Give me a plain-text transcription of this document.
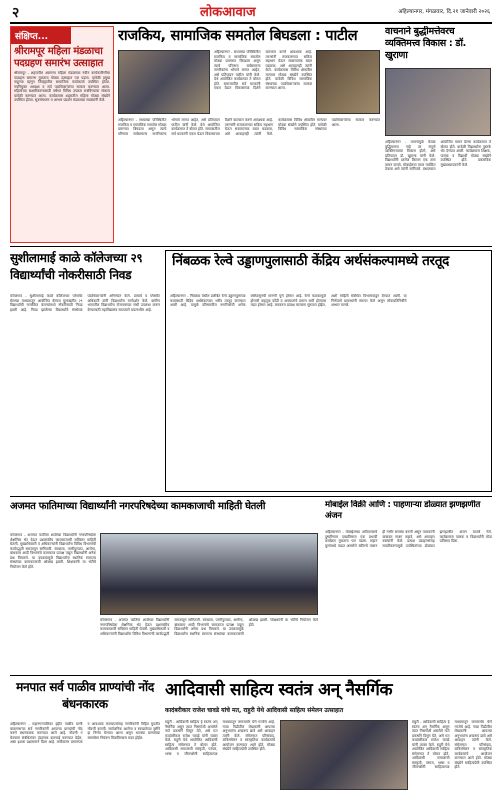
२	लोकआवाज	अहिल्यानगर, मंगळवार, दि.२१ जानेवारी २०२६
संक्षिप्त...
श्रीरामपूर महिला मंडळाचा पदग्रहण समारंभ उत्साहात
श्रीरामपूर - शहरातील अग्रगण्य महिला मंडळाच्या नवीन कार्यकारिणीचा पदग्रहण समारंभ नुकताच मोठ्या उत्साहात पार पडला. यावेळी प्रमुख पाहुण्या म्हणून जिल्ह्यातील सामाजिक कार्यकर्त्या उपस्थित होत्या. नवनियुक्त अध्यक्षा व सर्व पदाधिकाऱ्यांचा सत्कार करण्यात आला. महिलांच्या सक्षमीकरणासाठी वर्षभर विविध उपक्रम राबविण्याचा संकल्प यावेळी करण्यात आला. कार्यक्रमास शहरातील महिला मोठ्या संख्येने उपस्थित होत्या. सूत्रसंचालन व आभार प्रदर्शन मंडळाच्या सदस्यांनी केले.
राजकिय, सामाजिक समतोल बिघडला : पाटील
अहिल्यानगर - सध्याच्या परिस्थितीत राजकिय व सामाजिक समतोल मोठ्या प्रमाणात बिघडला असून त्याचे परिणाम सर्वसामान्य नागरिकांना भोगावे लागत आहेत, असे प्रतिपादन पाटील यांनी केले. येथे आयोजित कार्यक्रमात ते बोलत होते. समाजातील सर्व घटकांनी एकत्र येऊन विकासाच्या दिशेने वाटचाल करणे आवश्यक आहे. तरुणांनी राजकारणात सक्रिय सहभाग घेऊन सकारात्मक बदल घडवावा, असे आवाहनही त्यांनी केले. कार्यक्रमास विविध क्षेत्रातील मान्यवर मोठ्या संख्येने उपस्थित होते. यावेळी विविध सामाजिक संस्थांच्या पदाधिकाऱ्यांचा सत्कार करण्यात आला.
अहिल्यानगर - सध्याच्या परिस्थितीत राजकिय व सामाजिक समतोल मोठ्या प्रमाणात बिघडला असून त्याचे परिणाम सर्वसामान्य नागरिकांना भोगावे लागत आहेत, असे प्रतिपादन पाटील यांनी केले. येथे आयोजित कार्यक्रमात ते बोलत होते. समाजातील सर्व घटकांनी एकत्र येऊन विकासाच्या दिशेने वाटचाल करणे आवश्यक आहे. तरुणांनी राजकारणात सक्रिय सहभाग घेऊन सकारात्मक बदल घडवावा, असे आवाहनही त्यांनी केले. कार्यक्रमास विविध क्षेत्रातील मान्यवर मोठ्या संख्येने उपस्थित होते. यावेळी विविध सामाजिक संस्थांच्या पदाधिकाऱ्यांचा सत्कार करण्यात आला.
वाचनाने बुद्धीमत्तेवरच व्यक्तिमत्त्व विकास : डॉ. खुराणा
अहिल्यानगर - वाचनामुळे केवळ बुद्धिमत्ताच नव्हे तर संपूर्ण व्यक्तिमत्त्वाचा विकास होतो, असे प्रतिपादन डॉ. खुराणा यांनी केले. विद्यार्थ्यांनी दररोज किमान एक तास वाचन करावे, मोबाईलचा वापर मर्यादित ठेवावा असे त्यांनी सांगितले. ग्रंथालयात आयोजित वाचन प्रेरणा कार्यक्रमात ते बोलत होते. यावेळी विद्यार्थ्यांना पुस्तके भेट देण्यात आली. कार्यक्रमास शिक्षक, पालक व विद्यार्थी मोठ्या संख्येने उपस्थित होते. प्रास्ताविक मुख्याध्यापकांनी केले.
सुशीलामाई काळे कॉलेजच्या २९ विद्यार्थ्यांची नोकरीसाठी निवड
कोपरगाव - सुशीलामाई काळे कॉलेजच्या प्लेसमेंट सेलच्या माध्यमातून आयोजित कॅम्पस मुलाखतीत २९ विद्यार्थ्यांची नामांकित कंपन्यांमध्ये नोकरीसाठी निवड झाली आहे. निवड झालेल्या विद्यार्थ्यांचे संस्थेच्या पदाधिकाऱ्यांनी अभिनंदन केले. प्राचार्य व प्लेसमेंट अधिकारी यांनी विद्यार्थ्यांना मार्गदर्शन केले. ग्रामीण भागातील विद्यार्थ्यांना रोजगाराच्या संधी उपलब्ध करून देण्यासाठी महाविद्यालय सातत्याने प्रयत्नशील आहे.
निंबळक रेल्वे उड्डाणपुलासाठी केंद्रिय अर्थसंकल्पामध्ये तरतूद
अहिल्यानगर - निंबळक येथील प्रलंबित रेल्वे उड्डाणपुलाच्या कामासाठी केंद्रिय अर्थसंकल्पात भरीव तरतूद करण्यात आली आहे. यामुळे परिसरातील नागरिकांची अनेक वर्षांपासूनची मागणी पूर्ण होणार आहे. रेल्वे फाटकामुळे होणारी वाहतूक कोंडी व अपघातांचे प्रमाण कमी होण्यास मदत होणार आहे. लवकरच प्रत्यक्ष कामाला सुरुवात होईल, अशी माहिती संबंधित विभागाकडून देण्यात आली. या निर्णयाचे ग्रामस्थांनी स्वागत केले असून लोकप्रतिनिधींचे आभार मानले.
अजमत फातिमाच्या विद्यार्थ्यांनी नगरपरिषदेच्या कामकाजाची माहिती घेतली
कोपरगाव - अजमत फातिमा शाळेच्या विद्यार्थ्यांनी नगरपरिषदेला शैक्षणिक भेट देऊन प्रशासकीय कामकाजाची सविस्तर माहिती घेतली. मुख्याधिकारी व अधिकाऱ्यांनी विद्यार्थ्यांना विविध विभागांची कार्यपद्धती समजावून सांगितली. स्वच्छता, पाणीपुरवठा, आरोग्य, बांधकाम आदी विभागांचे कामकाज प्रत्यक्ष पाहून विद्यार्थ्यांनी अनेक प्रश्न विचारले. या उपक्रमामुळे विद्यार्थ्यांना स्थानिक स्वराज्य संस्थांच्या कामकाजाची ओळख झाली. शिक्षकांनी या भेटीचे नियोजन केले होते.
कोपरगाव - अजमत फातिमा शाळेच्या विद्यार्थ्यांनी नगरपरिषदेला शैक्षणिक भेट देऊन प्रशासकीय कामकाजाची सविस्तर माहिती घेतली. मुख्याधिकारी व अधिकाऱ्यांनी विद्यार्थ्यांना विविध विभागांची कार्यपद्धती समजावून सांगितली. स्वच्छता, पाणीपुरवठा, आरोग्य, बांधकाम आदी विभागांचे कामकाज प्रत्यक्ष पाहून विद्यार्थ्यांनी अनेक प्रश्न विचारले. या उपक्रमामुळे विद्यार्थ्यांना स्थानिक स्वराज्य संस्थांच्या कामकाजाची ओळख झाली. शिक्षकांनी या भेटीचे नियोजन केले होते.
मोबाईल विक्री आणि : पाहणाऱ्या डोळ्यात झणझणीत अंजन
अहिल्यानगर - मोबाईलच्या अतिवापराचे दुष्परिणाम दाखविणारा एक प्रभावी कार्यक्रम नुकताच पार पडला. लहान मुलांमध्ये वाढत असलेले स्क्रीनचे व्यसन ही गंभीर समस्या बनली असून पालकांनी याबाबत सजग राहावे, असे आवाहन वक्त्यांनी केले. प्रत्यक्ष उदाहरणांसह सादरीकरणामुळे उपस्थितांच्या डोळ्यात झणझणीत अंजन घातले गेले. कार्यक्रमास पालक व विद्यार्थ्यांनी मोठा प्रतिसाद दिला.
मनपात सर्व पाळीव प्राण्यांची नोंद बंधनकारक
अहिल्यानगर - महानगरपालिका हद्दीत पाळीव प्राणी बाळगणाऱ्या सर्व नागरिकांनी आपल्या प्राण्यांची नोंद करणे बंधनकारक करण्यात आले आहे. नोंदणी न केल्यास संबंधितांवर दंडात्मक कारवाई करण्यात येईल, असा इशारा प्रशासनाने दिला आहे. लसीकरण प्रमाणपत्र व आवश्यक कागदपत्रांसह नागरिकांनी विहित मुदतीत नोंदणी करावी. सार्वजनिक आरोग्य व स्वच्छतेच्या दृष्टीने हा निर्णय घेण्यात आला असून भटक्या प्राण्यांच्या समस्येवर नियंत्रण मिळविण्यास मदत होईल.
आदिवासी साहित्य स्वतंत्र अन् नैसर्गिक
कादंबरीकार राजेश चावडे यांचे मत, राहुरी येथे आदिवासी साहित्य संमेलन उत्साहात
राहुरी - आदिवासी साहित्य हे स्वतंत्र अन् नैसर्गिक असून त्यात निसर्गाशी असलेले नाते प्रकर्षाने दिसून येते, असे मत कादंबरीकार राजेश चावडे यांनी व्यक्त केले. राहुरी येथे आयोजित आदिवासी साहित्य संमेलनात ते बोलत होते. आदिवासी समाजाची संस्कृती, परंपरा, भाषा व जीवनशैली साहित्याच्या माध्यमातून जगासमोर येणे गरजेचे आहे. नव्या पिढीतील लेखकांनी आपल्या अनुभवांना शब्दरूप द्यावे असे आवाहन त्यांनी केले. संमेलनात परिसंवाद, कविसंमेलन व सांस्कृतिक कार्यक्रमांचे आयोजन करण्यात आले होते. मोठ्या संख्येने साहित्यप्रेमी उपस्थित होते.
राहुरी - आदिवासी साहित्य हे स्वतंत्र अन् नैसर्गिक असून त्यात निसर्गाशी असलेले नाते प्रकर्षाने दिसून येते, असे मत कादंबरीकार राजेश चावडे यांनी व्यक्त केले. राहुरी येथे आयोजित आदिवासी साहित्य संमेलनात ते बोलत होते. आदिवासी समाजाची संस्कृती, परंपरा, भाषा व जीवनशैली साहित्याच्या माध्यमातून जगासमोर येणे गरजेचे आहे. नव्या पिढीतील लेखकांनी आपल्या अनुभवांना शब्दरूप द्यावे असे आवाहन त्यांनी केले. संमेलनात परिसंवाद, कविसंमेलन व सांस्कृतिक कार्यक्रमांचे आयोजन करण्यात आले होते. मोठ्या संख्येने साहित्यप्रेमी उपस्थित होते.
